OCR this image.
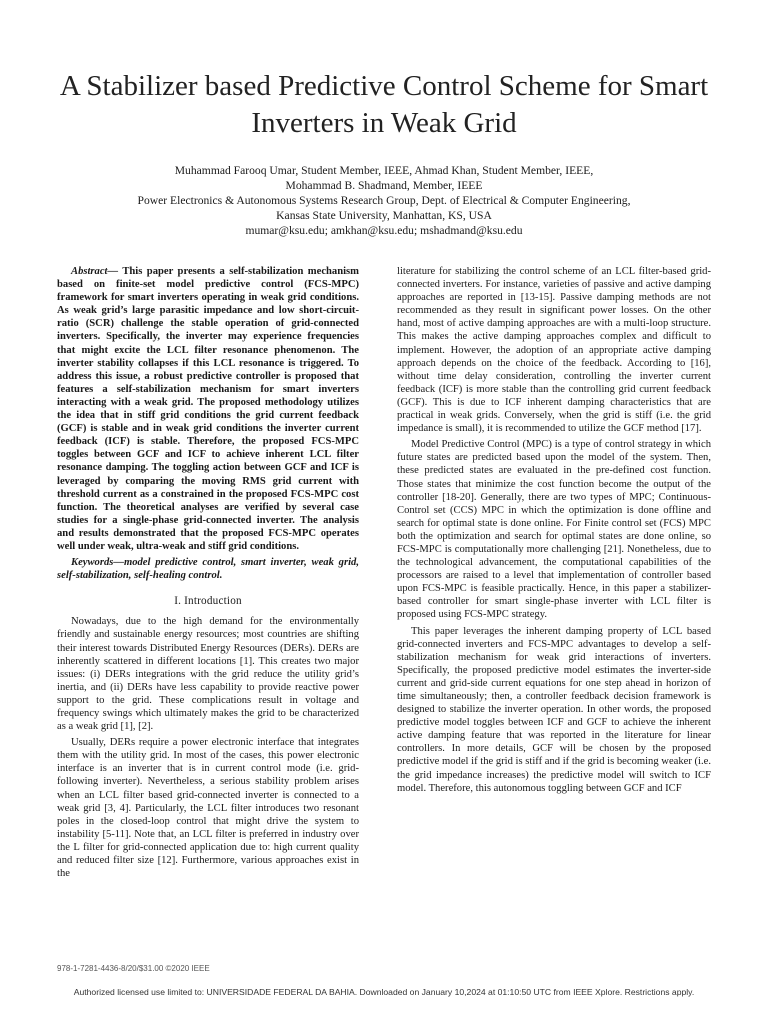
A Stabilizer based Predictive Control Scheme for Smart Inverters in Weak Grid

Muhammad Farooq Umar, Student Member, IEEE, Ahmad Khan, Student Member, IEEE,

Mohammad B. Shadmand, Member, IEEE

Power Electronics & Autonomous Systems Research Group, Dept. of Electrical & Computer Engineering,

Kansas State University, Manhattan, KS, USA

mumar@ksu.edu; amkhan@ksu.edu; mshadmand@ksu.edu

Abstract— This paper presents a self-stabilization mechanism based on finite-set model predictive control (FCS-MPC) framework for smart inverters operating in weak grid conditions. As weak grid’s large parasitic impedance and low short-circuit-ratio (SCR) challenge the stable operation of grid-connected inverters. Specifically, the inverter may experience frequencies that might excite the LCL filter resonance phenomenon. The inverter stability collapses if this LCL resonance is triggered. To address this issue, a robust predictive controller is proposed that features a self-stabilization mechanism for smart inverters interacting with a weak grid. The proposed methodology utilizes the idea that in stiff grid conditions the grid current feedback (GCF) is stable and in weak grid conditions the inverter current feedback (ICF) is stable. Therefore, the proposed FCS-MPC toggles between GCF and ICF to achieve inherent LCL filter resonance damping. The toggling action between GCF and ICF is leveraged by comparing the moving RMS grid current with threshold current as a constrained in the proposed FCS-MPC cost function. The theoretical analyses are verified by several case studies for a single-phase grid-connected inverter. The analysis and results demonstrated that the proposed FCS-MPC operates well under weak, ultra-weak and stiff grid conditions.

Keywords—model predictive control, smart inverter, weak grid, self-stabilization, self-healing control.

I. Introduction

Nowadays, due to the high demand for the environmentally friendly and sustainable energy resources; most countries are shifting their interest towards Distributed Energy Resources (DERs). DERs are inherently scattered in different locations [1]. This creates two major issues: (i) DERs integrations with the grid reduce the utility grid’s inertia, and (ii) DERs have less capability to provide reactive power support to the grid. These complications result in voltage and frequency swings which ultimately makes the grid to be characterized as a weak grid [1], [2].

Usually, DERs require a power electronic interface that integrates them with the utility grid. In most of the cases, this power electronic interface is an inverter that is in current control mode (i.e. grid-following inverter). Nevertheless, a serious stability problem arises when an LCL filter based grid-connected inverter is connected to a weak grid [3, 4]. Particularly, the LCL filter introduces two resonant poles in the closed-loop control that might drive the system to instability [5-11]. Note that, an LCL filter is preferred in industry over the L filter for grid-connected application due to: high current quality and reduced filter size [12]. Furthermore, various approaches exist in the

literature for stabilizing the control scheme of an LCL filter-based grid-connected inverters. For instance, varieties of passive and active damping approaches are reported in [13-15]. Passive damping methods are not recommended as they result in significant power losses. On the other hand, most of active damping approaches are with a multi-loop structure. This makes the active damping approaches complex and difficult to implement. However, the adoption of an appropriate active damping approach depends on the choice of the feedback. According to [16], without time delay consideration, controlling the inverter current feedback (ICF) is more stable than the controlling grid current feedback (GCF). This is due to ICF inherent damping characteristics that are practical in weak grids. Conversely, when the grid is stiff (i.e. the grid impedance is small), it is recommended to utilize the GCF method [17].

Model Predictive Control (MPC) is a type of control strategy in which future states are predicted based upon the model of the system. Then, these predicted states are evaluated in the pre-defined cost function. Those states that minimize the cost function become the output of the controller [18-20]. Generally, there are two types of MPC; Continuous-Control set (CCS) MPC in which the optimization is done offline and search for optimal state is done online. For Finite control set (FCS) MPC both the optimization and search for optimal states are done online, so FCS-MPC is computationally more challenging [21]. Nonetheless, due to the technological advancement, the computational capabilities of the processors are raised to a level that implementation of controller based upon FCS-MPC is feasible practically. Hence, in this paper a stabilizer-based controller for smart single-phase inverter with LCL filter is proposed using FCS-MPC strategy.

This paper leverages the inherent damping property of LCL based grid-connected inverters and FCS-MPC advantages to develop a self-stabilization mechanism for weak grid interactions of inverters. Specifically, the proposed predictive model estimates the inverter-side current and grid-side current equations for one step ahead in horizon of time simultaneously; then, a controller feedback decision framework is designed to stabilize the inverter operation. In other words, the proposed predictive model toggles between ICF and GCF to achieve the inherent active damping feature that was reported in the literature for linear controllers. In more details, GCF will be chosen by the proposed predictive model if the grid is stiff and if the grid is becoming weaker (i.e. the grid impedance increases) the predictive model will switch to ICF model. Therefore, this autonomous toggling between GCF and ICF

978-1-7281-4436-8/20/$31.00 ©2020 IEEE
Authorized licensed use limited to: UNIVERSIDADE FEDERAL DA BAHIA. Downloaded on January 10,2024 at 01:10:50 UTC from IEEE Xplore. Restrictions apply.
